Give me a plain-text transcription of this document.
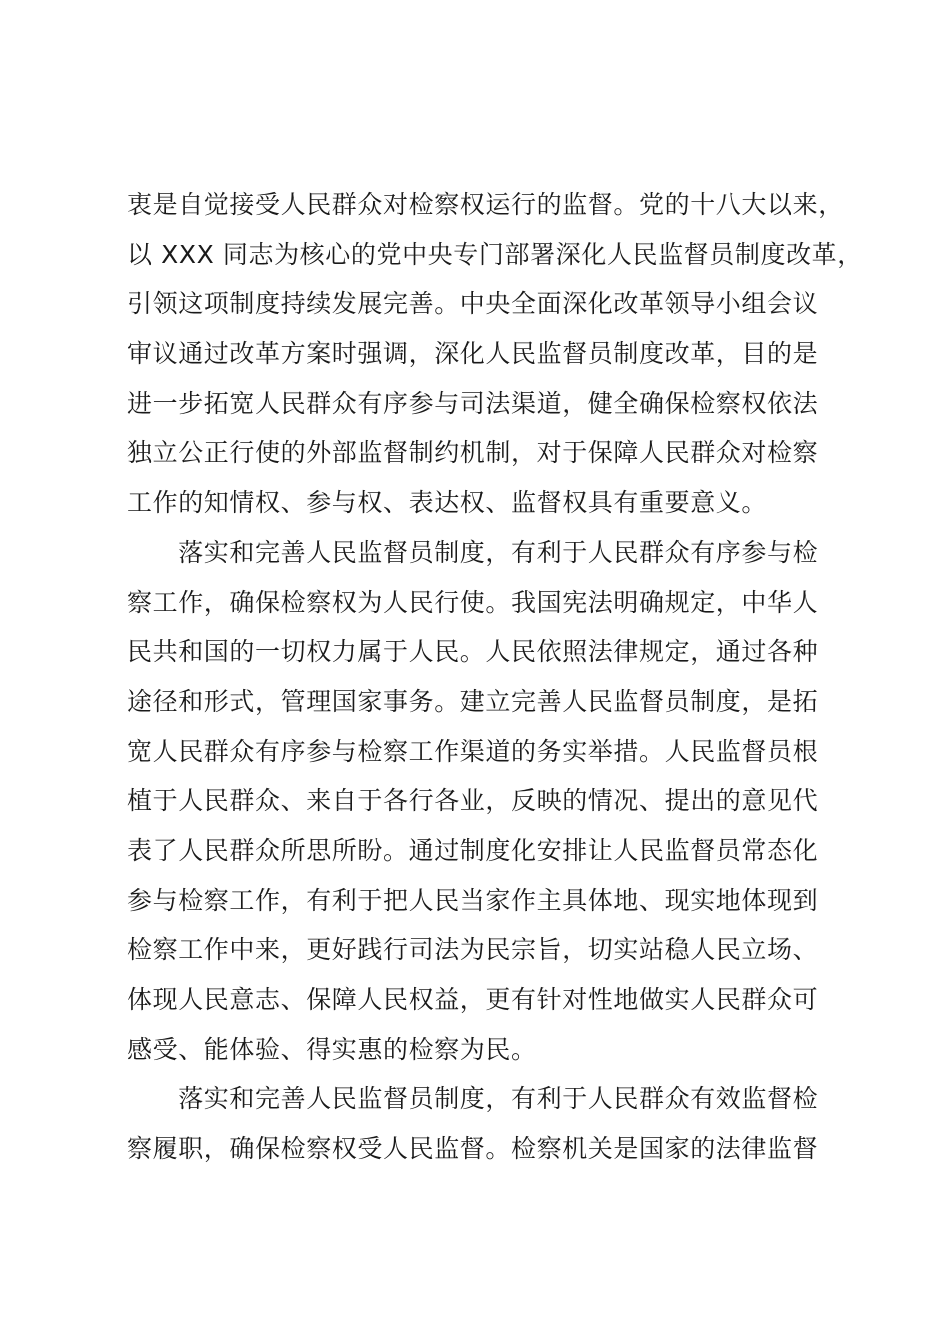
衷是自觉接受人民群众对检察权运行的监督。党的十八大以来，
以 XXX 同志为核心的党中央专门部署深化人民监督员制度改革，
引领这项制度持续发展完善。中央全面深化改革领导小组会议
审议通过改革方案时强调，深化人民监督员制度改革，目的是
进一步拓宽人民群众有序参与司法渠道，健全确保检察权依法
独立公正行使的外部监督制约机制，对于保障人民群众对检察
工作的知情权、参与权、表达权、监督权具有重要意义。
　　落实和完善人民监督员制度，有利于人民群众有序参与检
察工作，确保检察权为人民行使。我国宪法明确规定，中华人
民共和国的一切权力属于人民。人民依照法律规定，通过各种
途径和形式，管理国家事务。建立完善人民监督员制度，是拓
宽人民群众有序参与检察工作渠道的务实举措。人民监督员根
植于人民群众、来自于各行各业，反映的情况、提出的意见代
表了人民群众所思所盼。通过制度化安排让人民监督员常态化
参与检察工作，有利于把人民当家作主具体地、现实地体现到
检察工作中来，更好践行司法为民宗旨，切实站稳人民立场、
体现人民意志、保障人民权益，更有针对性地做实人民群众可
感受、能体验、得实惠的检察为民。
　　落实和完善人民监督员制度，有利于人民群众有效监督检
察履职，确保检察权受人民监督。检察机关是国家的法律监督
